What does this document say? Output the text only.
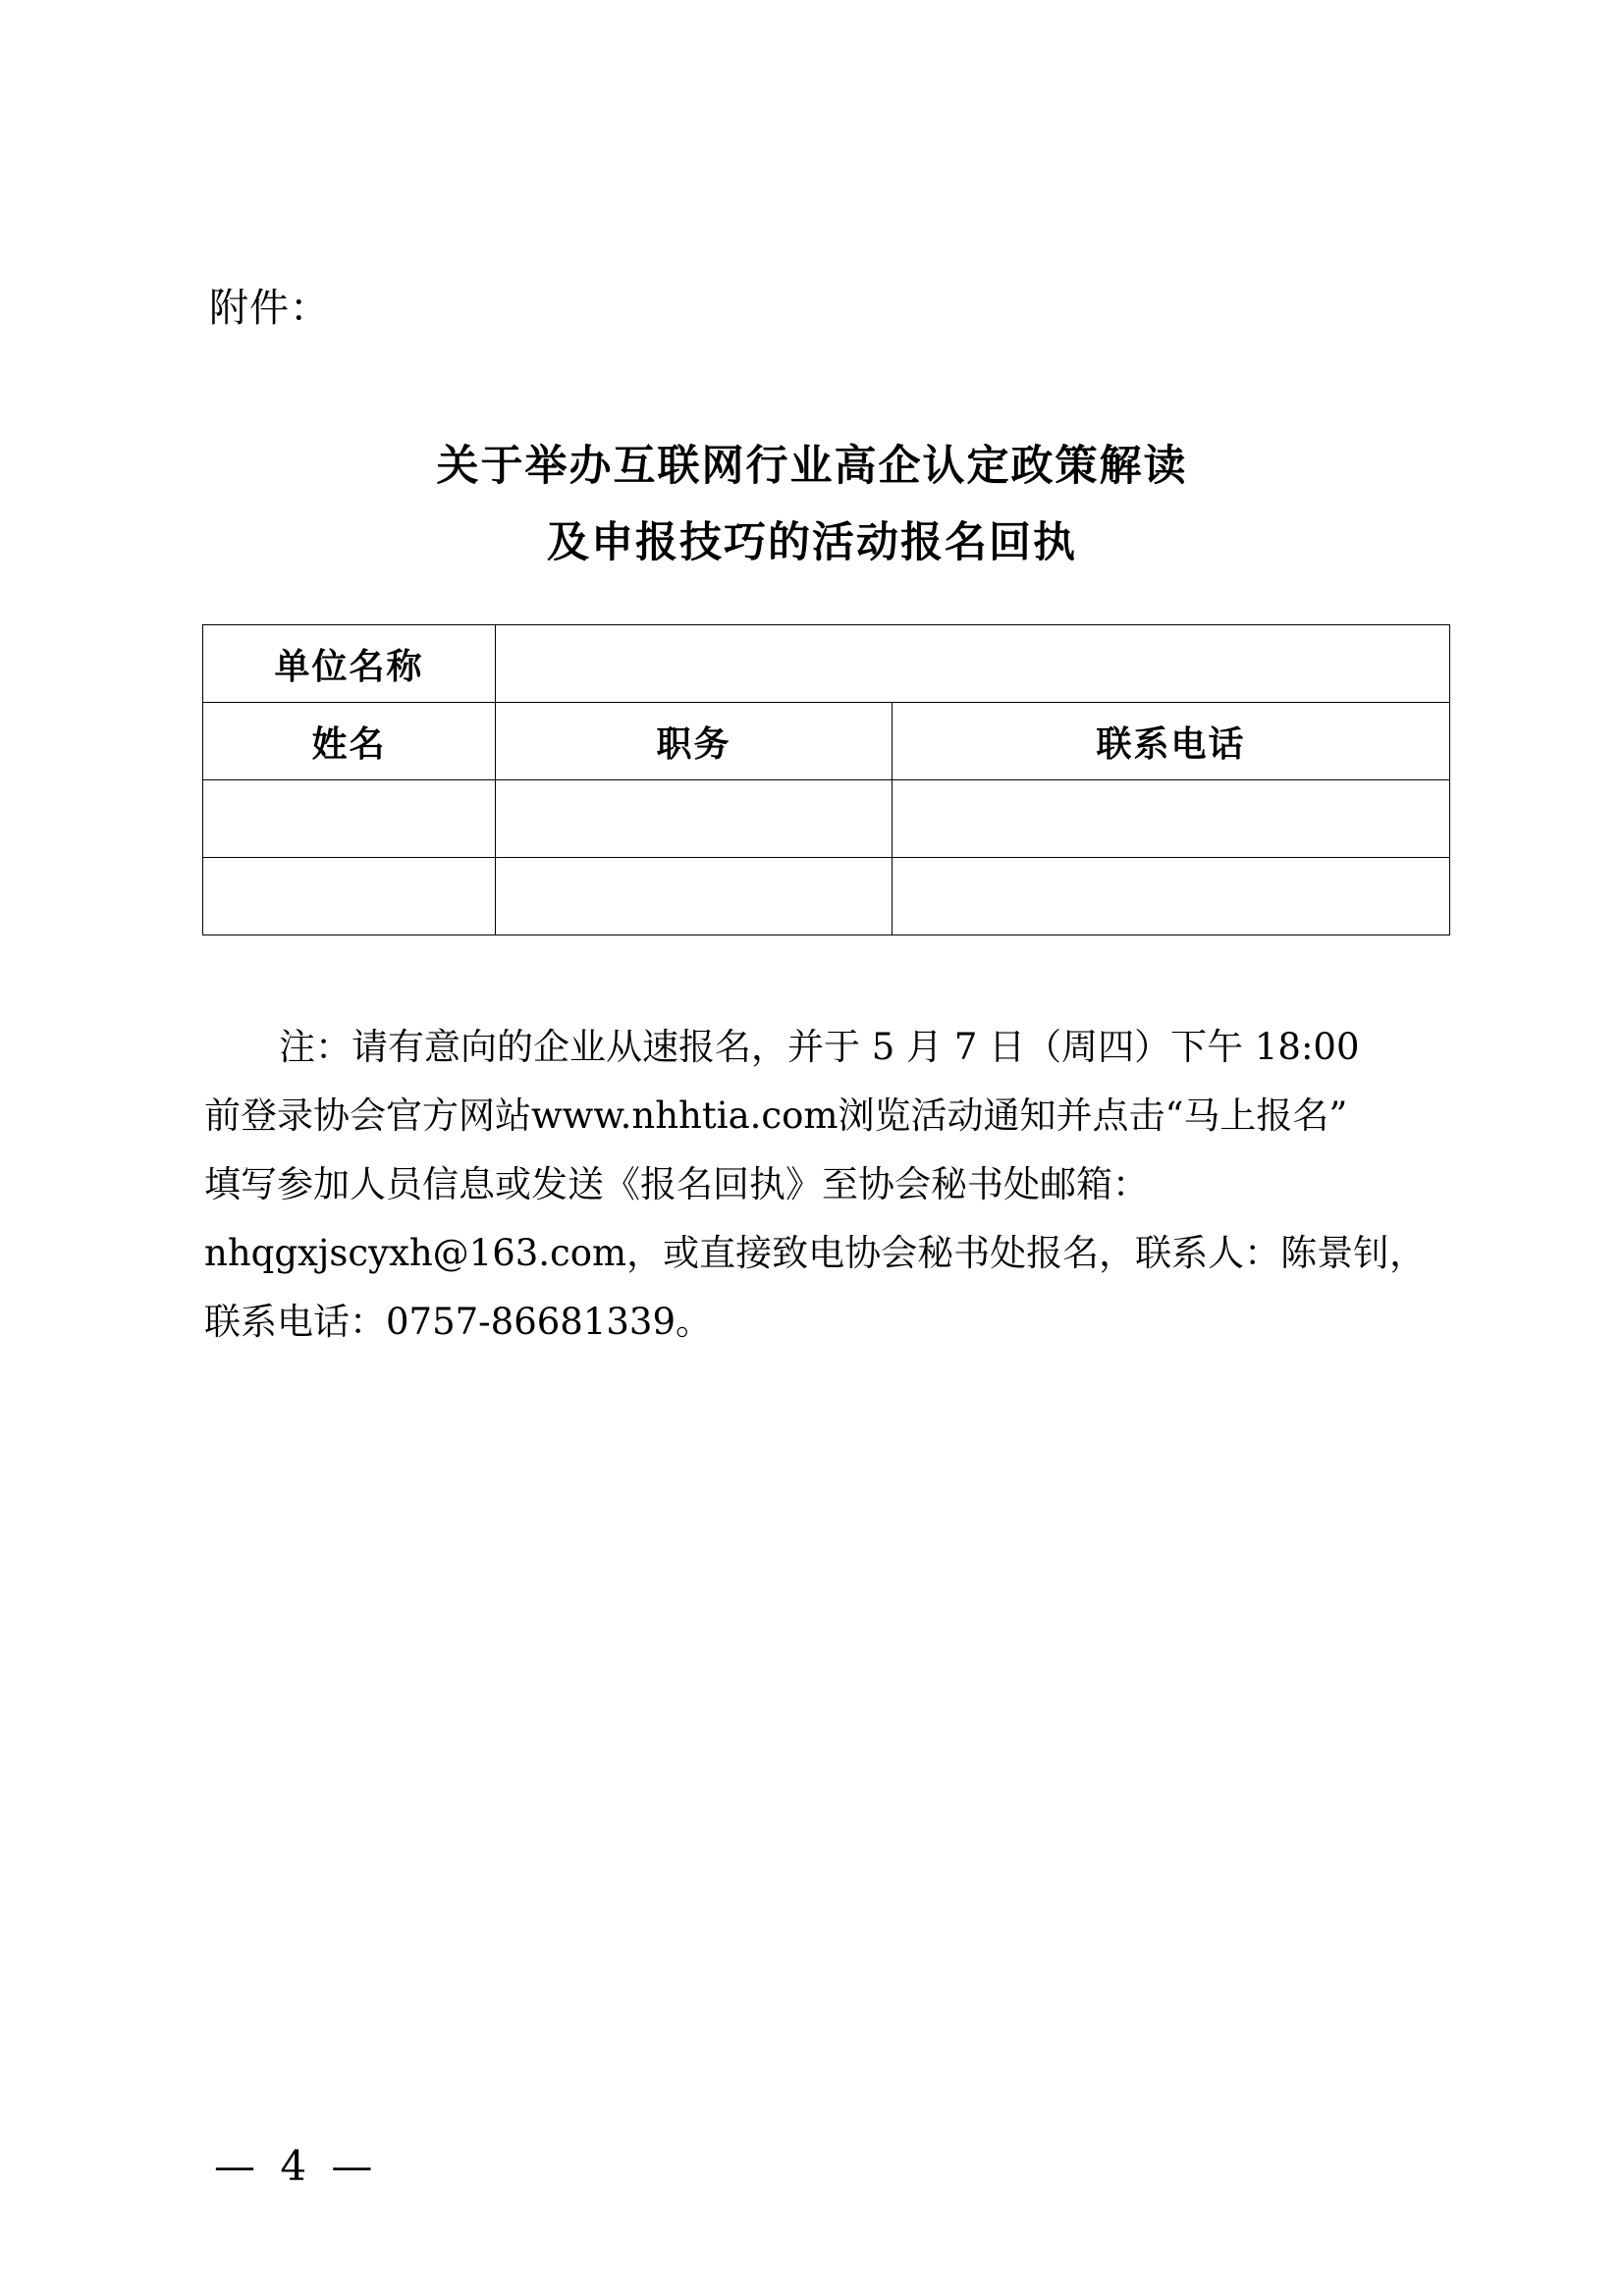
附件：
关于举办互联网行业高企认定政策解读
及申报技巧的活动报名回执
单位名称		
姓名	职务	联系电话

注：请有意向的企业从速报名，并于 5 月 7 日（周四）下午 18:00
前登录协会官方网站www.nhhtia.com浏览活动通知并点击“马上报名”
填写参加人员信息或发送《报名回执》至协会秘书处邮箱：
nhqgxjscyxh@163.com，或直接致电协会秘书处报名，联系人：陈景钊，
联系电话：0757-86681339。
— 4 —
